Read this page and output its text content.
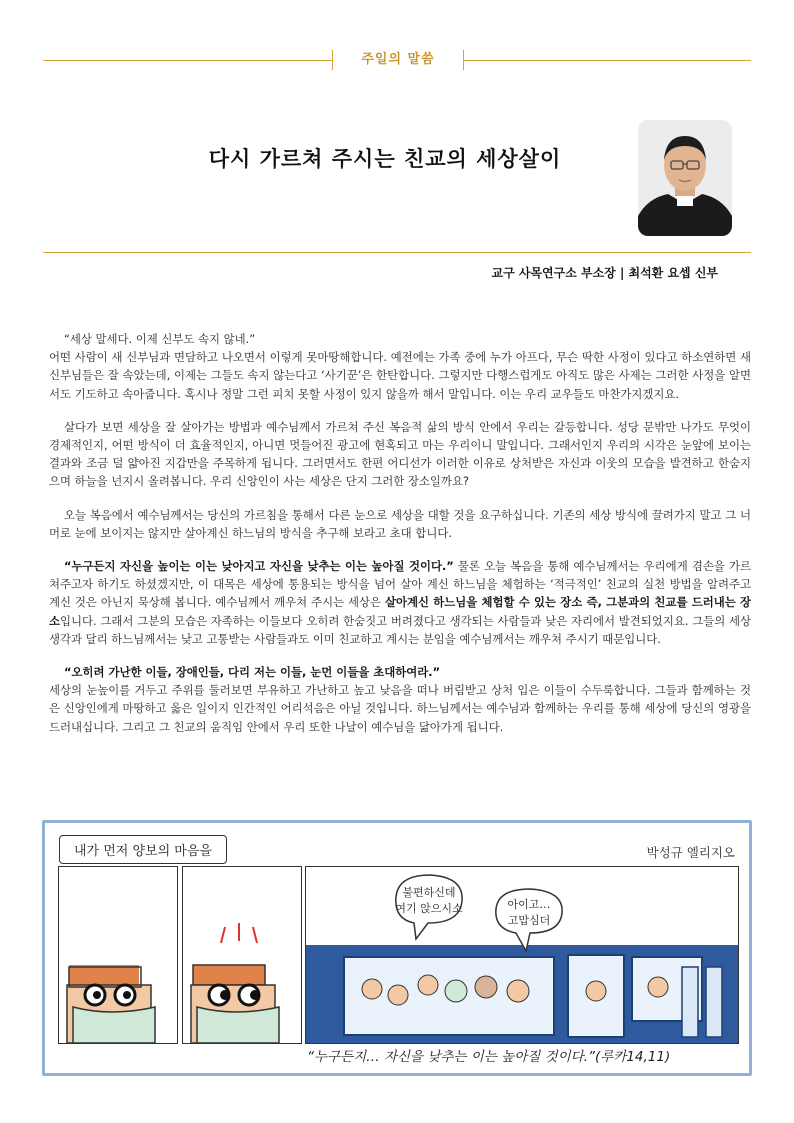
주일의 말씀
다시 가르쳐 주시는 친교의 세상살이
교구 사목연구소 부소장 | 최석환 요셉 신부

“세상 말세다. 이제 신부도 속지 않네.”
어떤 사람이 새 신부님과 면담하고 나오면서 이렇게 못마땅해합니다. 예전에는 가족 중에 누가 아프다, 무슨 딱한 사정이 있다고 하소연하면 새 신부님들은 잘 속았는데, 이제는 그들도 속지 않는다고 ‘사기꾼’은 한탄합니다. 그렇지만 다행스럽게도 아직도 많은 사제는 그러한 사정을 알면서도 기도하고 속아줍니다. 혹시나 정말 그런 피치 못할 사정이 있지 않을까 해서 말입니다. 이는 우리 교우들도 마찬가지겠지요.

살다가 보면 세상을 잘 살아가는 방법과 예수님께서 가르쳐 주신 복음적 삶의 방식 안에서 우리는 갈등합니다. 성당 문밖만 나가도 무엇이 경제적인지, 어떤 방식이 더 효율적인지, 아니면 멋들어진 광고에 현혹되고 마는 우리이니 말입니다. 그래서인지 우리의 시각은 눈앞에 보이는 결과와 조금 덜 얇아진 지갑만을 주목하게 됩니다. 그러면서도 한편 어디선가 이러한 이유로 상처받은 자신과 이웃의 모습을 발견하고 한숨지으며 하늘을 넌지시 올려봅니다. 우리 신앙인이 사는 세상은 단지 그러한 장소일까요?

오늘 복음에서 예수님께서는 당신의 가르침을 통해서 다른 눈으로 세상을 대할 것을 요구하십니다. 기존의 세상 방식에 끌려가지 말고 그 너머로 눈에 보이지는 않지만 살아계신 하느님의 방식을 추구해 보라고 초대 합니다.

“누구든지 자신을 높이는 이는 낮아지고 자신을 낮추는 이는 높아질 것이다.” 물론 오늘 복음을 통해 예수님께서는 우리에게 겸손을 가르쳐주고자 하기도 하셨겠지만, 이 대목은 세상에 통용되는 방식을 넘어 살아 계신 하느님을 체험하는 ‘적극적인’ 친교의 실천 방법을 알려주고 계신 것은 아닌지 묵상해 봅니다. 예수님께서 깨우쳐 주시는 세상은 살아계신 하느님을 체험할 수 있는 장소 즉, 그분과의 친교를 드러내는 장소입니다. 그래서 그분의 모습은 자족하는 이들보다 오히려 한숨짓고 버려졌다고 생각되는 사람들과 낮은 자리에서 발견되었지요. 그들의 세상 생각과 달리 하느님께서는 낮고 고통받는 사람들과도 이미 친교하고 계시는 분임을 예수님께서는 깨우쳐 주시기 때문입니다.

“오히려 가난한 이들, 장애인들, 다리 저는 이들, 눈먼 이들을 초대하여라.”
세상의 눈높이를 거두고 주위를 둘러보면 부유하고 가난하고 높고 낮음을 떠나 버림받고 상처 입은 이들이 수두룩합니다. 그들과 함께하는 것은 신앙인에게 마땅하고 옳은 일이지 인간적인 어리석음은 아닐 것입니다. 하느님께서는 예수님과 함께하는 우리를 통해 세상에 당신의 영광을 드러내십니다. 그리고 그 친교의 움직임 안에서 우리 또한 나날이 예수님을 닮아가게 됩니다.

내가 먼저 양보의 마음을	박성규 엘리지오
불편하신데
여기 앉으시소	아이고…
고맙심더
“누구든지… 자신을 낮추는 이는 높아질 것이다.”(루카14,11)
